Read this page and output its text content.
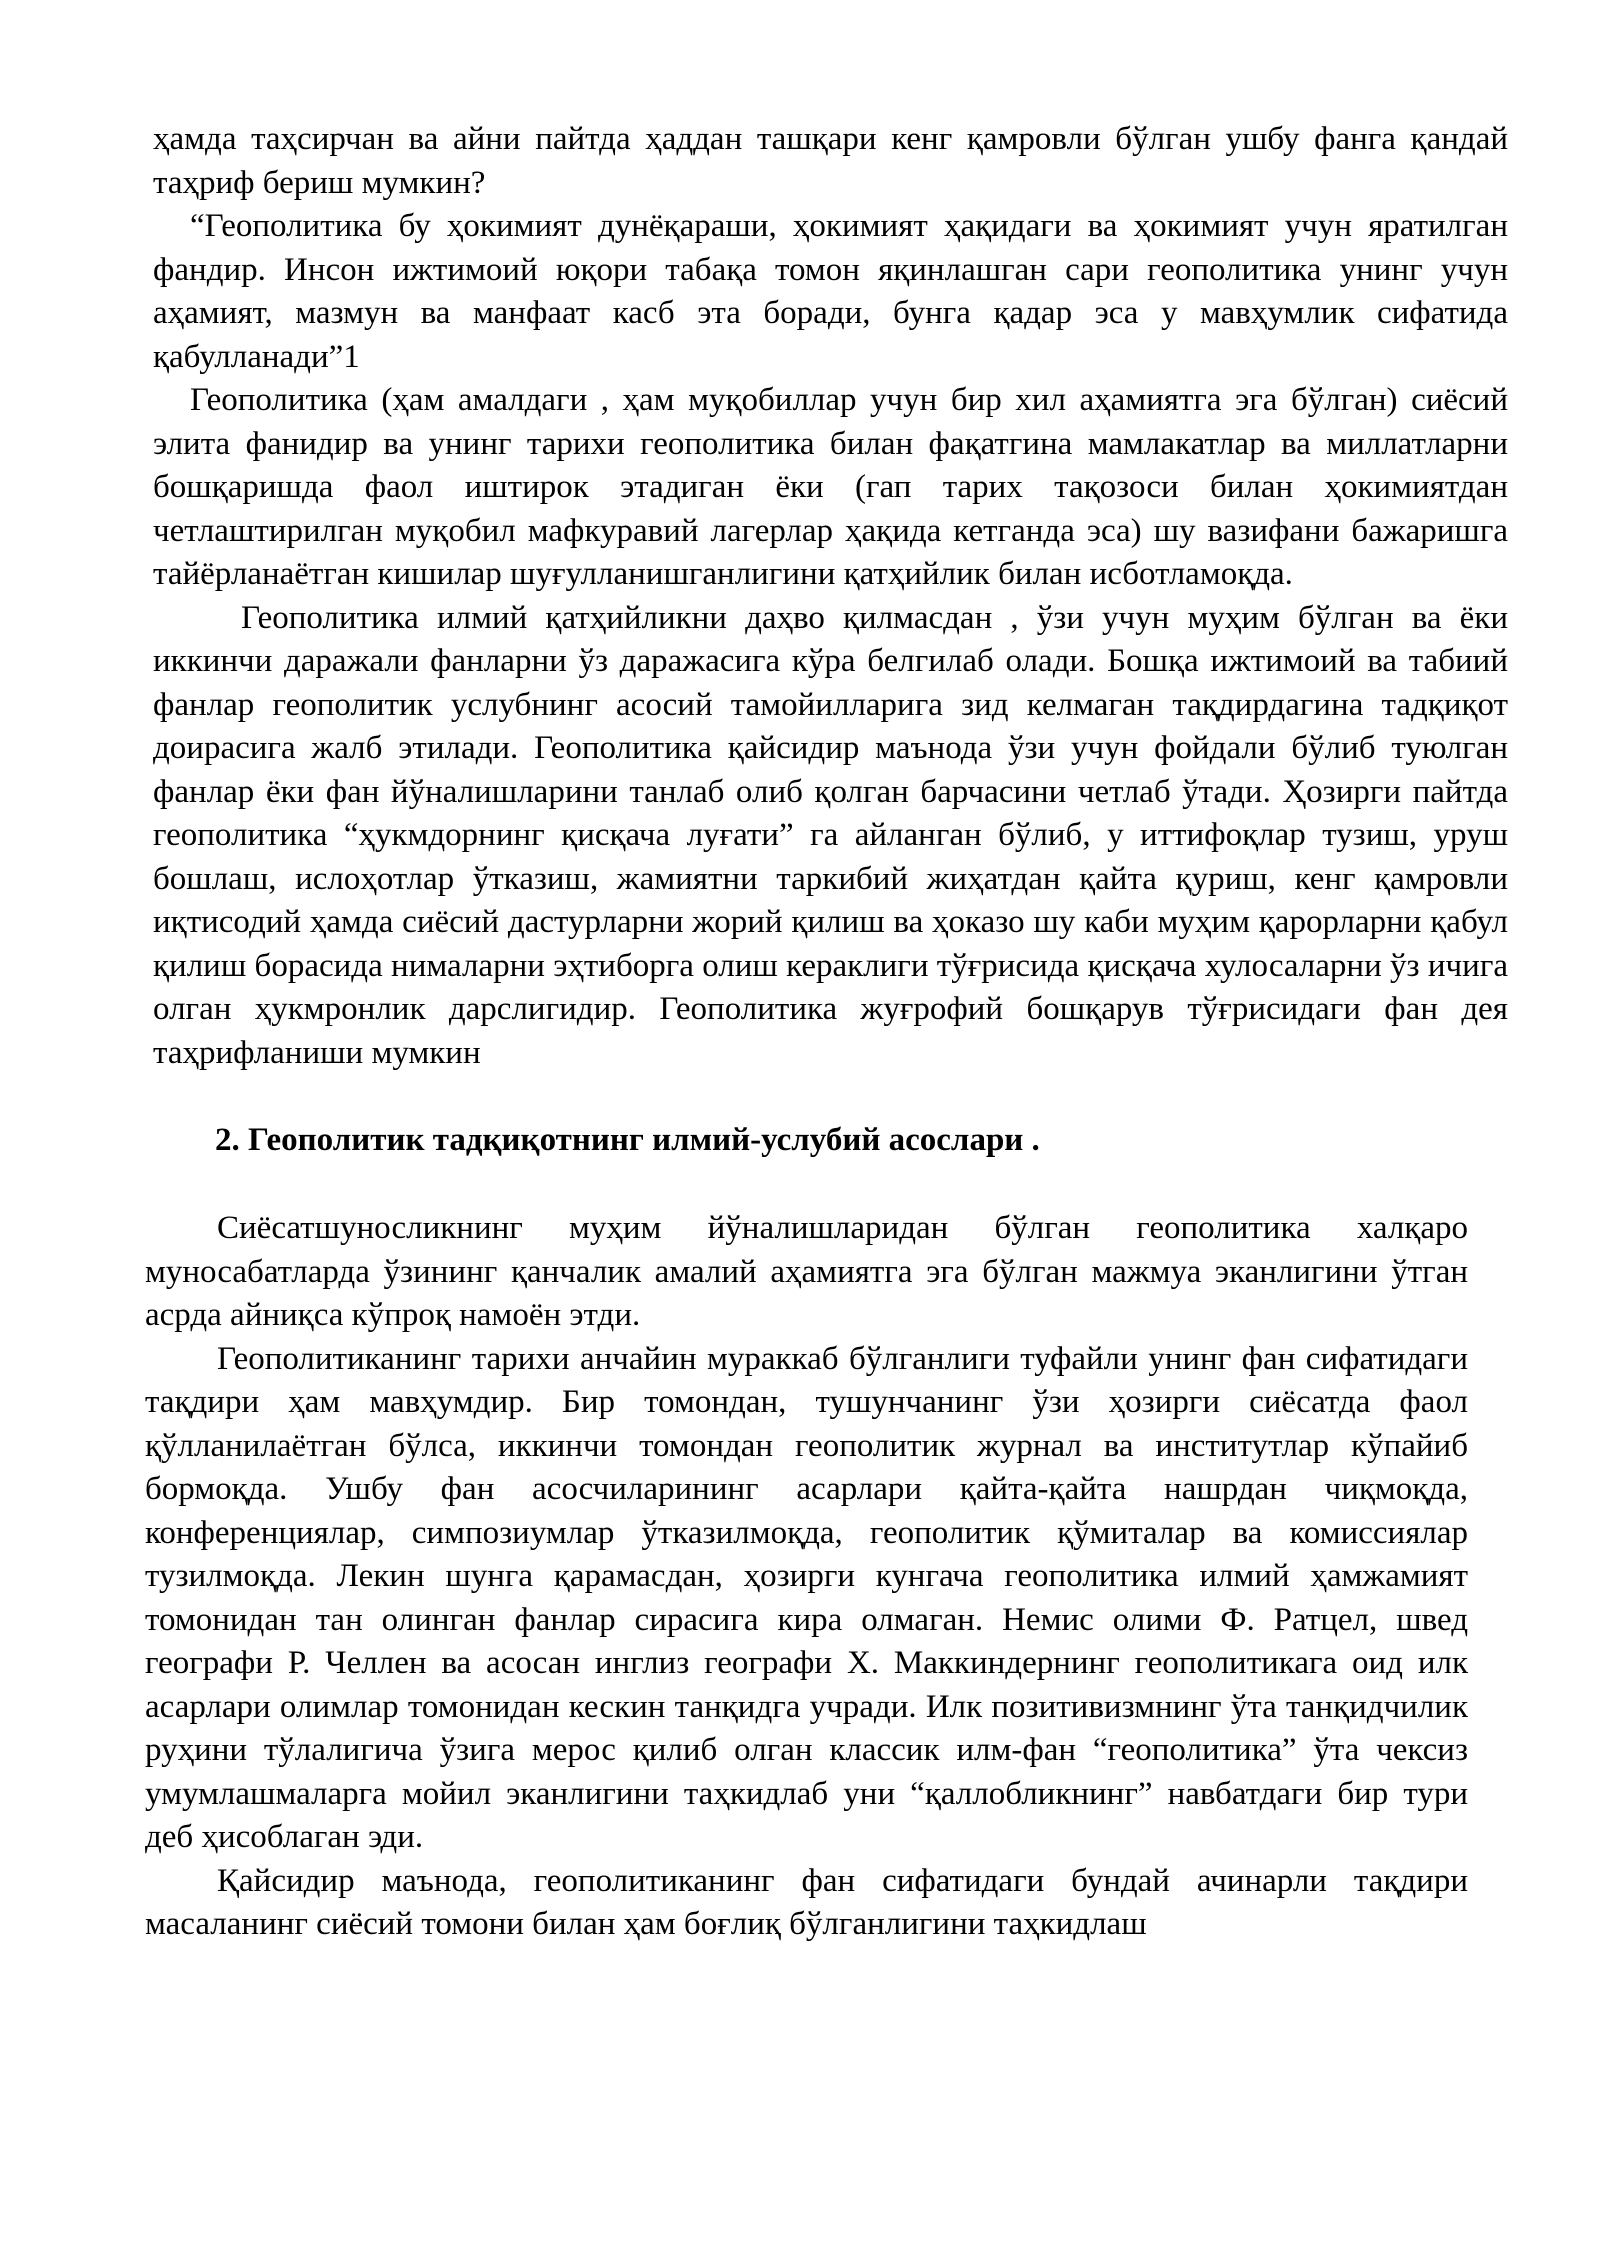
ҳамда таҳсирчан ва айни пайтда ҳаддан ташқари кенг қамровли бўлган ушбу фанга қандай таҳриф бериш мумкин?

“Геополитика бу ҳокимият дунёқараши, ҳокимият ҳақидаги ва ҳокимият учун яратилган фандир. Инсон ижтимоий юқори табақа томон яқинлашган сари геополитика унинг учун аҳамият, мазмун ва манфаат касб эта боради, бунга қадар эса у мавҳумлик сифатида қабулланади”1

Геополитика (ҳам амалдаги , ҳам муқобиллар учун бир хил аҳамиятга эга бўлган) сиёсий элита фанидир ва унинг тарихи геополитика билан фақатгина мамлакатлар ва миллатларни бошқаришда фаол иштирок этадиган ёки (гап тарих тақозоси билан ҳокимиятдан четлаштирилган муқобил мафкуравий лагерлар ҳақида кетганда эса) шу вазифани бажаришга тайёрланаётган кишилар шуғулланишганлигини қатҳийлик билан исботламоқда.

Геополитика илмий қатҳийликни даҳво қилмасдан , ўзи учун муҳим бўлган ва ёки иккинчи даражали фанларни ўз даражасига кўра белгилаб олади. Бошқа ижтимоий ва табиий фанлар геополитик услубнинг асосий тамойилларига зид келмаган тақдирдагина тадқиқот доирасига жалб этилади. Геополитика қайсидир маънода ўзи учун фойдали бўлиб туюлган фанлар ёки фан йўналишларини танлаб олиб қолган барчасини четлаб ўтади. Ҳозирги пайтда геополитика “ҳукмдорнинг қисқача луғати” га айланган бўлиб, у иттифоқлар тузиш, уруш бошлаш, ислоҳотлар ўтказиш, жамиятни таркибий жиҳатдан қайта қуриш, кенг қамровли иқтисодий ҳамда сиёсий дастурларни жорий қилиш ва ҳоказо шу каби муҳим қарорларни қабул қилиш борасида нималарни эҳтиборга олиш кераклиги тўғрисида қисқача хулосаларни ўз ичига олган ҳукмронлик дарслигидир. Геополитика жуғрофий бошқарув тўғрисидаги фан дея таҳрифланиши мумкин

2. Геополитик тадқиқотнинг илмий-услубий асослари .

Сиёсатшуносликнинг муҳим йўналишларидан бўлган геополитика халқаро муносабатларда ўзининг қанчалик амалий аҳамиятга эга бўлган мажмуа эканлигини ўтган асрда айниқса кўпроқ намоён этди.

Геополитиканинг тарихи анчайин мураккаб бўлганлиги туфайли унинг фан сифатидаги тақдири ҳам мавҳумдир. Бир томондан, тушунчанинг ўзи ҳозирги сиёсатда фаол қўлланилаётган бўлса, иккинчи томондан геополитик журнал ва институтлар кўпайиб бормоқда. Ушбу фан асосчиларининг асарлари қайта-қайта нашрдан чиқмоқда, конференциялар, симпозиумлар ўтказилмоқда, геополитик қўмиталар ва комиссиялар тузилмоқда. Лекин шунга қарамасдан, ҳозирги кунгача геополитика илмий ҳамжамият томонидан тан олинган фанлар сирасига кира олмаган. Немис олими Ф. Ратцел, швед географи Р. Челлен ва асосан инглиз географи Х. Маккиндернинг геополитикага оид илк асарлари олимлар томонидан кескин танқидга учради. Илк позитивизмнинг ўта танқидчилик руҳини тўлалигича ўзига мерос қилиб олган классик илм-фан “геополитика” ўта чексиз умумлашмаларга мойил эканлигини таҳкидлаб уни “қаллобликнинг” навбатдаги бир тури деб ҳисоблаган эди.

Қайсидир маънода, геополитиканинг фан сифатидаги бундай ачинарли тақдири масаланинг сиёсий томони билан ҳам боғлиқ бўлганлигини таҳкидлаш
